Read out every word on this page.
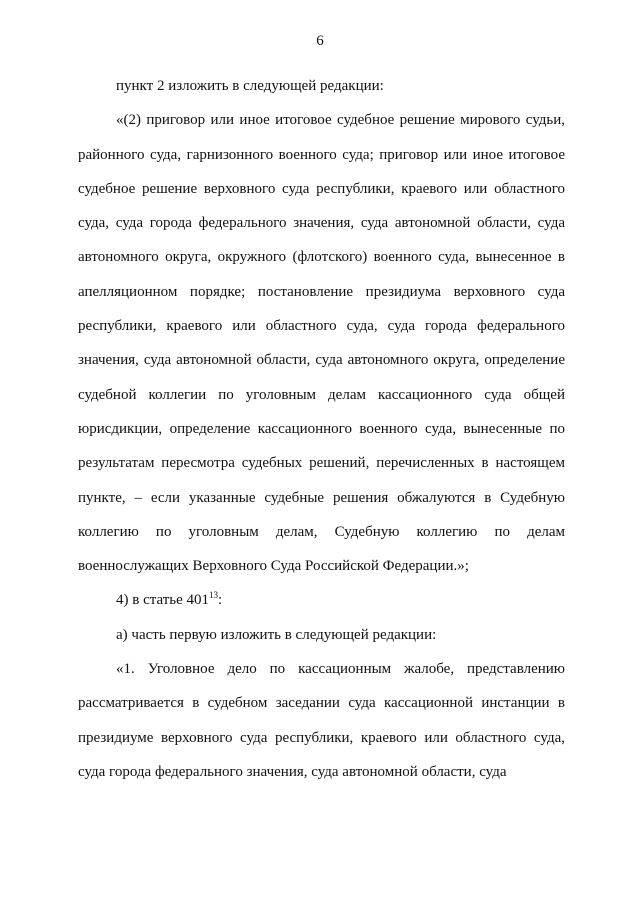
6

пункт 2 изложить в следующей редакции:

«(2) приговор или иное итоговое судебное решение мирового судьи, районного суда, гарнизонного военного суда; приговор или иное итоговое судебное решение верховного суда республики, краевого или областного суда, суда города федерального значения, суда автономной области, суда автономного округа, окружного (флотского) военного суда, вынесенное в апелляционном порядке; постановление президиума верховного суда республики, краевого или областного суда, суда города федерального значения, суда автономной области, суда автономного округа, определение судебной коллегии по уголовным делам кассационного суда общей юрисдикции, определение кассационного военного суда, вынесенные по результатам пересмотра судебных решений, перечисленных в настоящем пункте, – если указанные судебные решения обжалуются в Судебную коллегию по уголовным делам, Судебную коллегию по делам военнослужащих Верховного Суда Российской Федерации.»;

4) в статье $401^{13}$:

а) часть первую изложить в следующей редакции:

«1. Уголовное дело по кассационным жалобе, представлению рассматривается в судебном заседании суда кассационной инстанции в президиуме верховного суда республики, краевого или областного суда, суда города федерального значения, суда автономной области, суда
